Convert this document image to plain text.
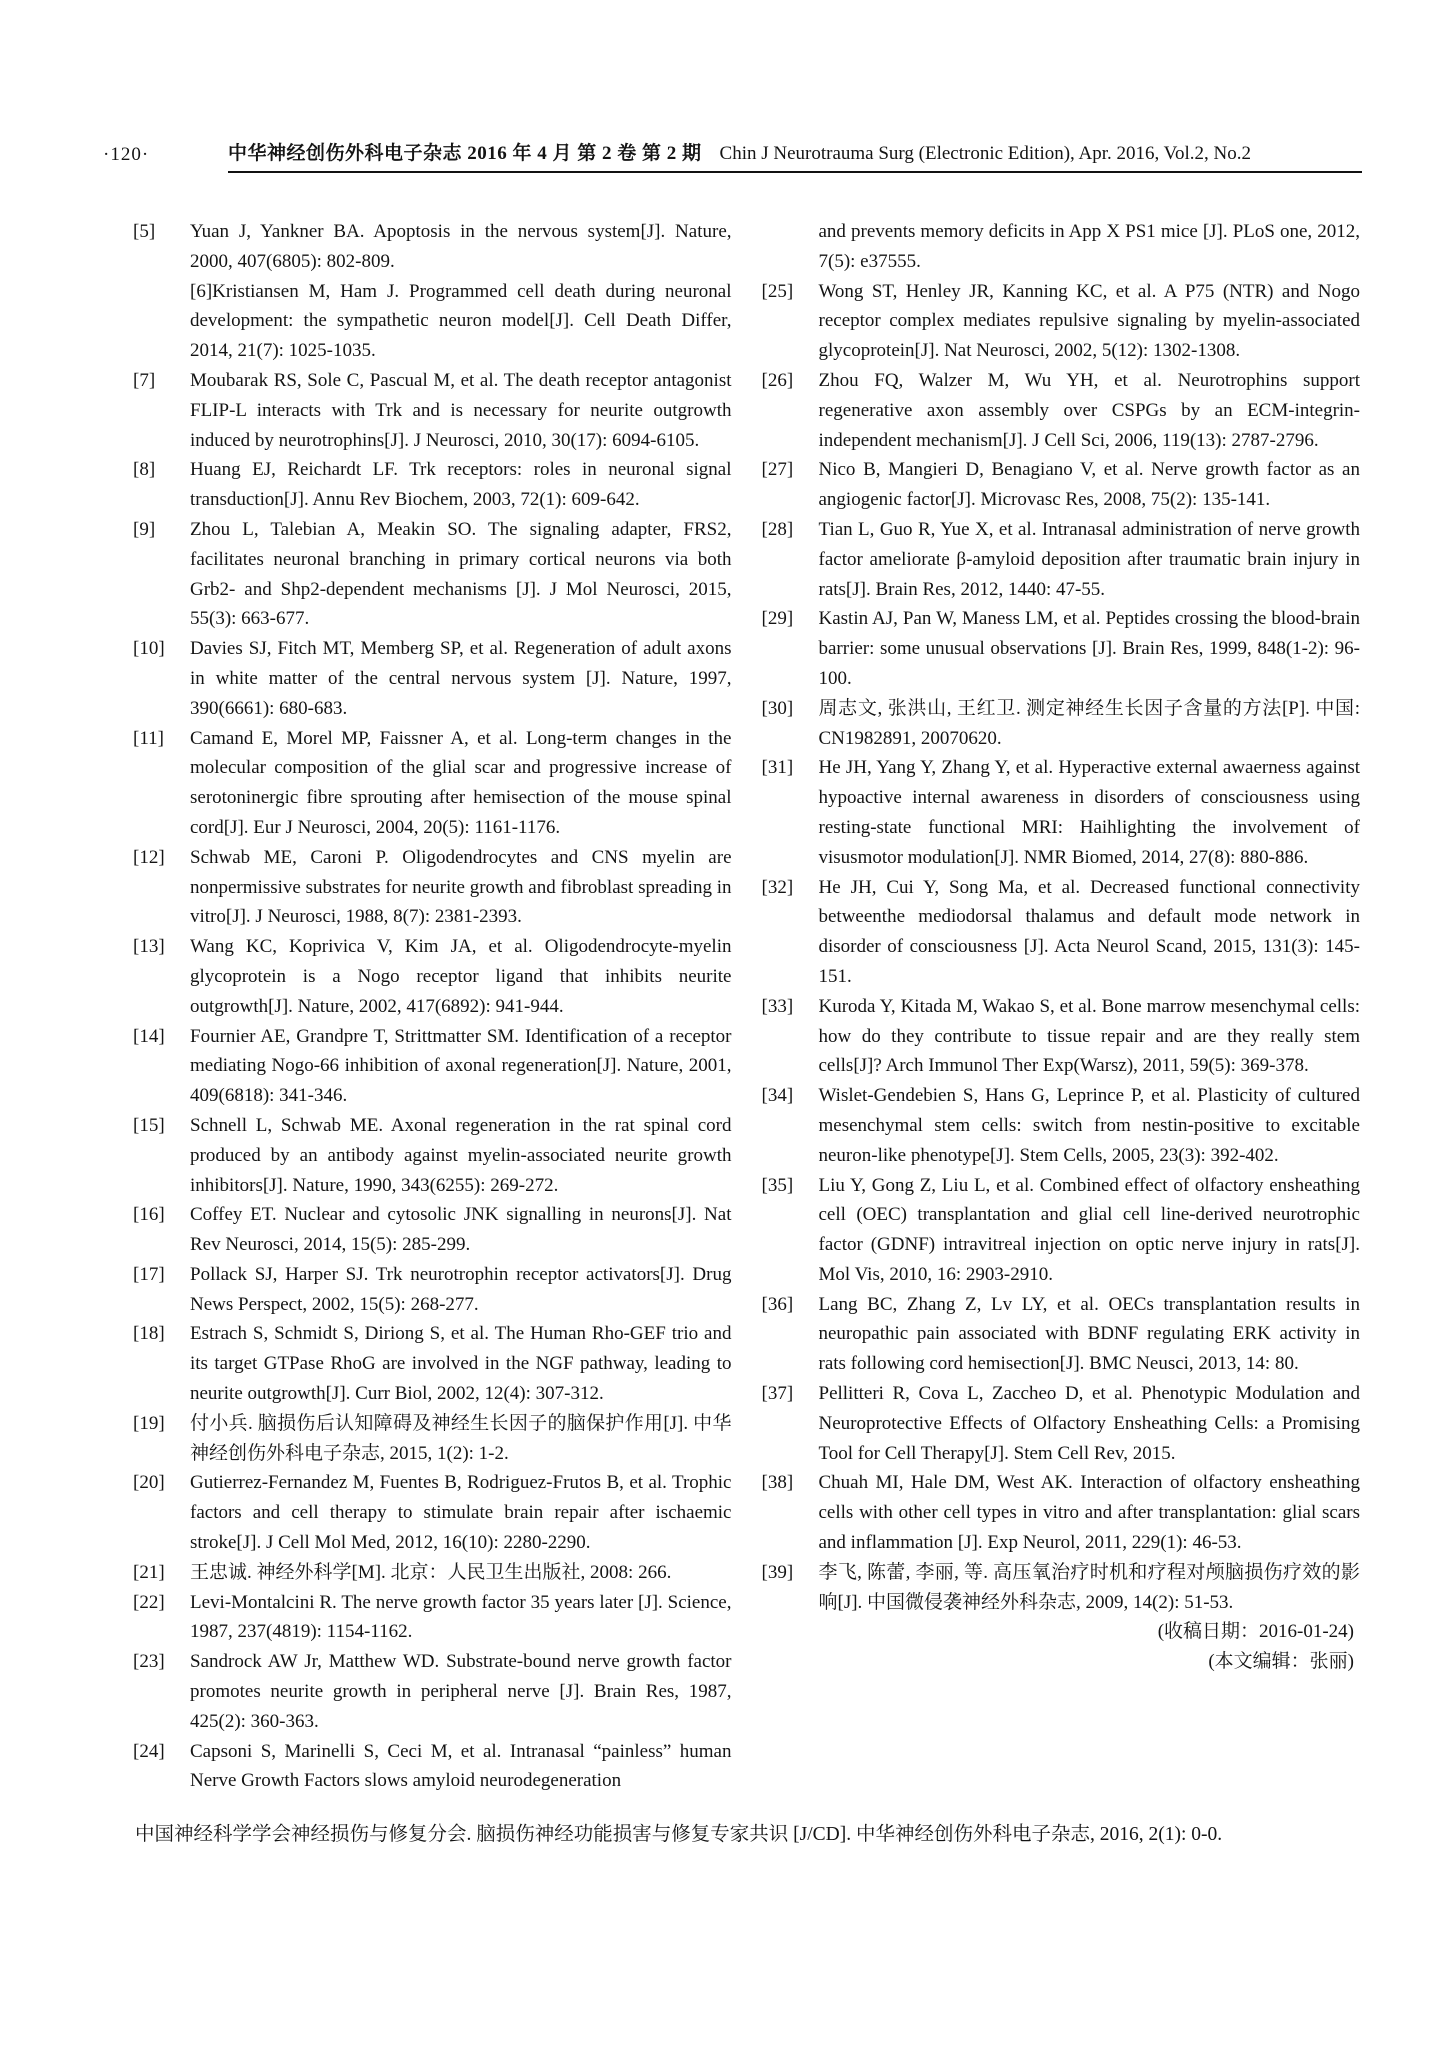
·120·	中华神经创伤外科电子杂志 2016 年 4 月 第 2 卷 第 2 期 Chin J Neurotrauma Surg (Electronic Edition), Apr. 2016, Vol.2, No.2
[5]	Yuan J, Yankner BA. Apoptosis in the nervous system[J]. Nature, 2000, 407(6805): 802-809.

[6]Kristiansen M, Ham J. Programmed cell death during neuronal development: the sympathetic neuron model[J]. Cell Death Differ, 2014, 21(7): 1025-1035.

[7]	Moubarak RS, Sole C, Pascual M, et al. The death receptor antagonist FLIP-L interacts with Trk and is necessary for neurite outgrowth induced by neurotrophins[J]. J Neurosci, 2010, 30(17): 6094-6105.

[8]	Huang EJ, Reichardt LF. Trk receptors: roles in neuronal signal transduction[J]. Annu Rev Biochem, 2003, 72(1): 609-642.

[9]	Zhou L, Talebian A, Meakin SO. The signaling adapter, FRS2, facilitates neuronal branching in primary cortical neurons via both Grb2- and Shp2-dependent mechanisms [J]. J Mol Neurosci, 2015, 55(3): 663-677.

[10]	Davies SJ, Fitch MT, Memberg SP, et al. Regeneration of adult axons in white matter of the central nervous system [J]. Nature, 1997, 390(6661): 680-683.

[11]	Camand E, Morel MP, Faissner A, et al. Long-term changes in the molecular composition of the glial scar and progressive increase of serotoninergic fibre sprouting after hemisection of the mouse spinal cord[J]. Eur J Neurosci, 2004, 20(5): 1161-1176.

[12]	Schwab ME, Caroni P. Oligodendrocytes and CNS myelin are nonpermissive substrates for neurite growth and fibroblast spreading in vitro[J]. J Neurosci, 1988, 8(7): 2381-2393.

[13]	Wang KC, Koprivica V, Kim JA, et al. Oligodendrocyte-myelin glycoprotein is a Nogo receptor ligand that inhibits neurite outgrowth[J]. Nature, 2002, 417(6892): 941-944.

[14]	Fournier AE, Grandpre T, Strittmatter SM. Identification of a receptor mediating Nogo-66 inhibition of axonal regeneration[J]. Nature, 2001, 409(6818): 341-346.

[15]	Schnell L, Schwab ME. Axonal regeneration in the rat spinal cord produced by an antibody against myelin-associated neurite growth inhibitors[J]. Nature, 1990, 343(6255): 269-272.

[16]	Coffey ET. Nuclear and cytosolic JNK signalling in neurons[J]. Nat Rev Neurosci, 2014, 15(5): 285-299.

[17]	Pollack SJ, Harper SJ. Trk neurotrophin receptor activators[J]. Drug News Perspect, 2002, 15(5): 268-277.

[18]	Estrach S, Schmidt S, Diriong S, et al. The Human Rho-GEF trio and its target GTPase RhoG are involved in the NGF pathway, leading to neurite outgrowth[J]. Curr Biol, 2002, 12(4): 307-312.

[19]	付小兵. 脑损伤后认知障碍及神经生长因子的脑保护作用[J]. 中华神经创伤外科电子杂志, 2015, 1(2): 1-2.

[20]	Gutierrez-Fernandez M, Fuentes B, Rodriguez-Frutos B, et al. Trophic factors and cell therapy to stimulate brain repair after ischaemic stroke[J]. J Cell Mol Med, 2012, 16(10): 2280-2290.

[21]	王忠诚. 神经外科学[M]. 北京：人民卫生出版社, 2008: 266.

[22]	Levi-Montalcini R. The nerve growth factor 35 years later [J]. Science, 1987, 237(4819): 1154-1162.

[23]	Sandrock AW Jr, Matthew WD. Substrate-bound nerve growth factor promotes neurite growth in peripheral nerve [J]. Brain Res, 1987, 425(2): 360-363.

[24]	Capsoni S, Marinelli S, Ceci M, et al. Intranasal “painless” human Nerve Growth Factors slows amyloid neurodegeneration

and prevents memory deficits in App X PS1 mice [J]. PLoS one, 2012, 7(5): e37555.

[25]	Wong ST, Henley JR, Kanning KC, et al. A P75 (NTR) and Nogo receptor complex mediates repulsive signaling by myelin-associated glycoprotein[J]. Nat Neurosci, 2002, 5(12): 1302-1308.

[26]	Zhou FQ, Walzer M, Wu YH, et al. Neurotrophins support regenerative axon assembly over CSPGs by an ECM-integrin-independent mechanism[J]. J Cell Sci, 2006, 119(13): 2787-2796.

[27]	Nico B, Mangieri D, Benagiano V, et al. Nerve growth factor as an angiogenic factor[J]. Microvasc Res, 2008, 75(2): 135-141.

[28]	Tian L, Guo R, Yue X, et al. Intranasal administration of nerve growth factor ameliorate β-amyloid deposition after traumatic brain injury in rats[J]. Brain Res, 2012, 1440: 47-55.

[29]	Kastin AJ, Pan W, Maness LM, et al. Peptides crossing the blood-brain barrier: some unusual observations [J]. Brain Res, 1999, 848(1-2): 96-100.

[30]	周志文, 张洪山, 王红卫. 测定神经生长因子含量的方法[P]. 中国: CN1982891, 20070620.

[31]	He JH, Yang Y, Zhang Y, et al. Hyperactive external awaerness against hypoactive internal awareness in disorders of consciousness using resting-state functional MRI: Haihlighting the involvement of visusmotor modulation[J]. NMR Biomed, 2014, 27(8): 880-886.

[32]	He JH, Cui Y, Song Ma, et al. Decreased functional connectivity betweenthe mediodorsal thalamus and default mode network in disorder of consciousness [J]. Acta Neurol Scand, 2015, 131(3): 145-151.

[33]	Kuroda Y, Kitada M, Wakao S, et al. Bone marrow mesenchymal cells: how do they contribute to tissue repair and are they really stem cells[J]? Arch Immunol Ther Exp(Warsz), 2011, 59(5): 369-378.

[34]	Wislet-Gendebien S, Hans G, Leprince P, et al. Plasticity of cultured mesenchymal stem cells: switch from nestin-positive to excitable neuron-like phenotype[J]. Stem Cells, 2005, 23(3): 392-402.

[35]	Liu Y, Gong Z, Liu L, et al. Combined effect of olfactory ensheathing cell (OEC) transplantation and glial cell line-derived neurotrophic factor (GDNF) intravitreal injection on optic nerve injury in rats[J]. Mol Vis, 2010, 16: 2903-2910.

[36]	Lang BC, Zhang Z, Lv LY, et al. OECs transplantation results in neuropathic pain associated with BDNF regulating ERK activity in rats following cord hemisection[J]. BMC Neusci, 2013, 14: 80.

[37]	Pellitteri R, Cova L, Zaccheo D, et al. Phenotypic Modulation and Neuroprotective Effects of Olfactory Ensheathing Cells: a Promising Tool for Cell Therapy[J]. Stem Cell Rev, 2015.

[38]	Chuah MI, Hale DM, West AK. Interaction of olfactory ensheathing cells with other cell types in vitro and after transplantation: glial scars and inflammation [J]. Exp Neurol, 2011, 229(1): 46-53.

[39]	李飞, 陈蕾, 李丽, 等. 高压氧治疗时机和疗程对颅脑损伤疗效的影响[J]. 中国微侵袭神经外科杂志, 2009, 14(2): 51-53.

(收稿日期：2016-01-24)
(本文编辑：张丽)

中国神经科学学会神经损伤与修复分会. 脑损伤神经功能损害与修复专家共识 [J/CD]. 中华神经创伤外科电子杂志, 2016, 2(1): 0-0.
